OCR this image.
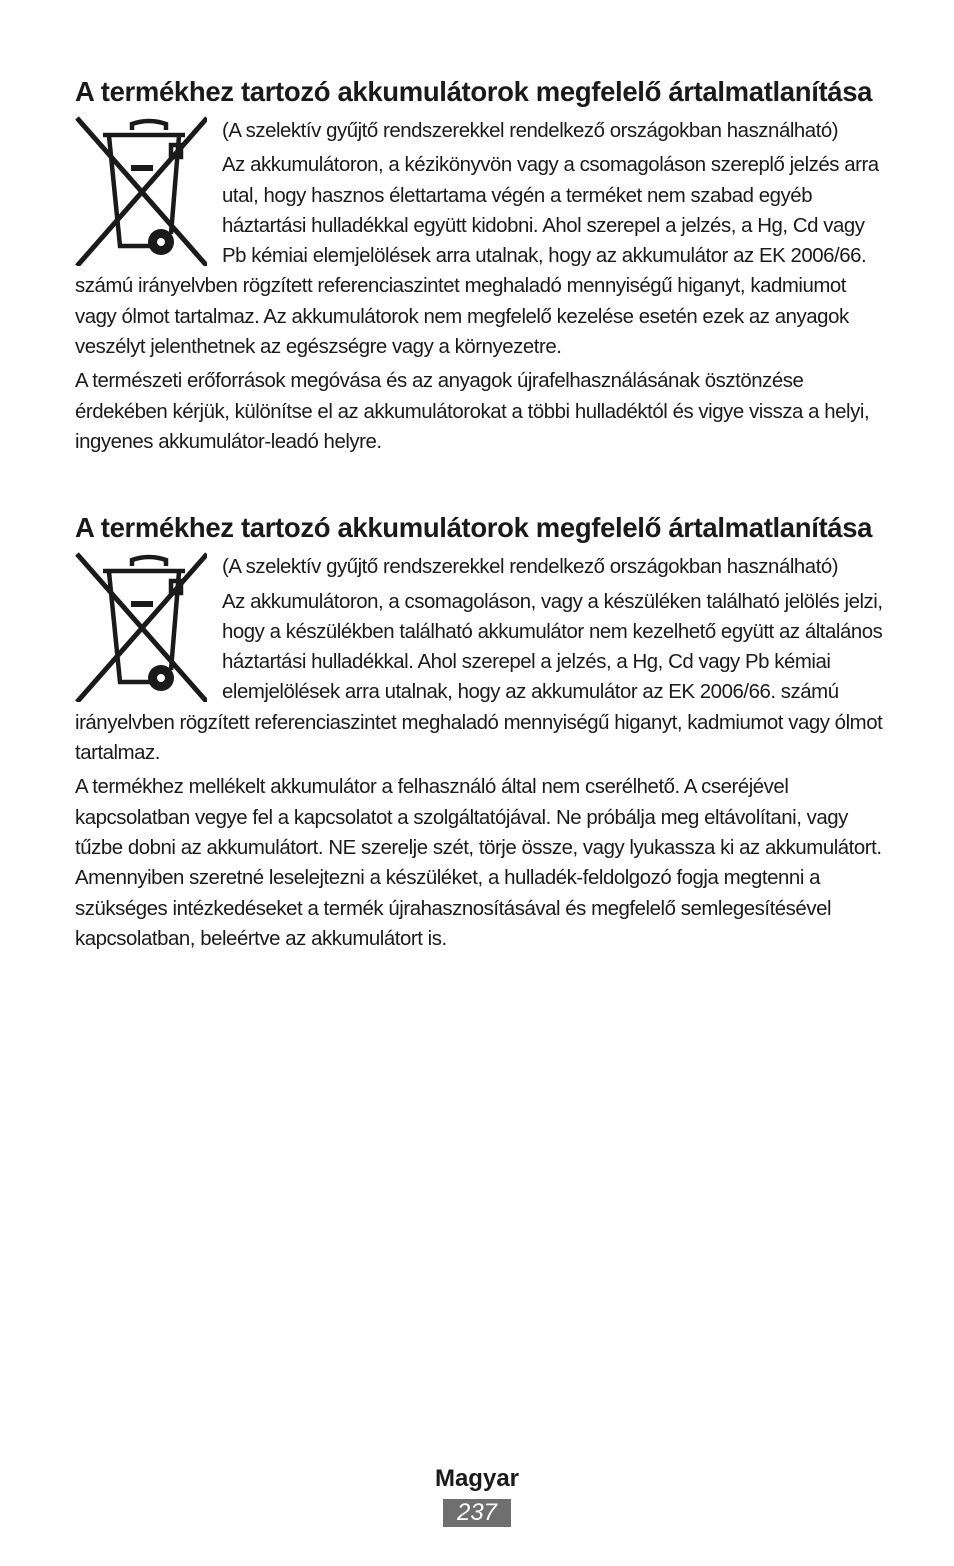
A termékhez tartozó akkumulátorok megfelelő ártalmatlanítása

(A szelektív gyűjtő rendszerekkel rendelkező országokban használható)

Az akkumulátoron, a kézikönyvön vagy a csomagoláson szereplő jelzés arra utal, hogy hasznos élettartama végén a terméket nem szabad egyéb háztartási hulladékkal együtt kidobni. Ahol szerepel a jelzés, a Hg, Cd vagy Pb kémiai elemjelölések arra utalnak, hogy az akkumulátor az EK 2006/66. számú irányelvben rögzített referenciaszintet meghaladó mennyiségű higanyt, kadmiumot vagy ólmot tartalmaz. Az akkumulátorok nem megfelelő kezelése esetén ezek az anyagok veszélyt jelenthetnek az egészségre vagy a környezetre.

A természeti erőforrások megóvása és az anyagok újrafelhasználásának ösztönzése érdekében kérjük, különítse el az akkumulátorokat a többi hulladéktól és vigye vissza a helyi, ingyenes akkumulátor-leadó helyre.

A termékhez tartozó akkumulátorok megfelelő ártalmatlanítása

(A szelektív gyűjtő rendszerekkel rendelkező országokban használható)

Az akkumulátoron, a csomagoláson, vagy a készüléken található jelölés jelzi, hogy a készülékben található akkumulátor nem kezelhető együtt az általános háztartási hulladékkal. Ahol szerepel a jelzés, a Hg, Cd vagy Pb kémiai elemjelölések arra utalnak, hogy az akkumulátor az EK 2006/66. számú irányelvben rögzített referenciaszintet meghaladó mennyiségű higanyt, kadmiumot vagy ólmot tartalmaz.

A termékhez mellékelt akkumulátor a felhasználó által nem cserélhető. A cseréjével kapcsolatban vegye fel a kapcsolatot a szolgáltatójával. Ne próbálja meg eltávolítani, vagy tűzbe dobni az akkumulátort. NE szerelje szét, törje össze, vagy lyukassza ki az akkumulátort. Amennyiben szeretné leselejtezni a készüléket, a hulladék-feldolgozó fogja megtenni a szükséges intézkedéseket a termék újrahasznosításával és megfelelő semlegesítésével kapcsolatban, beleértve az akkumulátort is.

Magyar
237
